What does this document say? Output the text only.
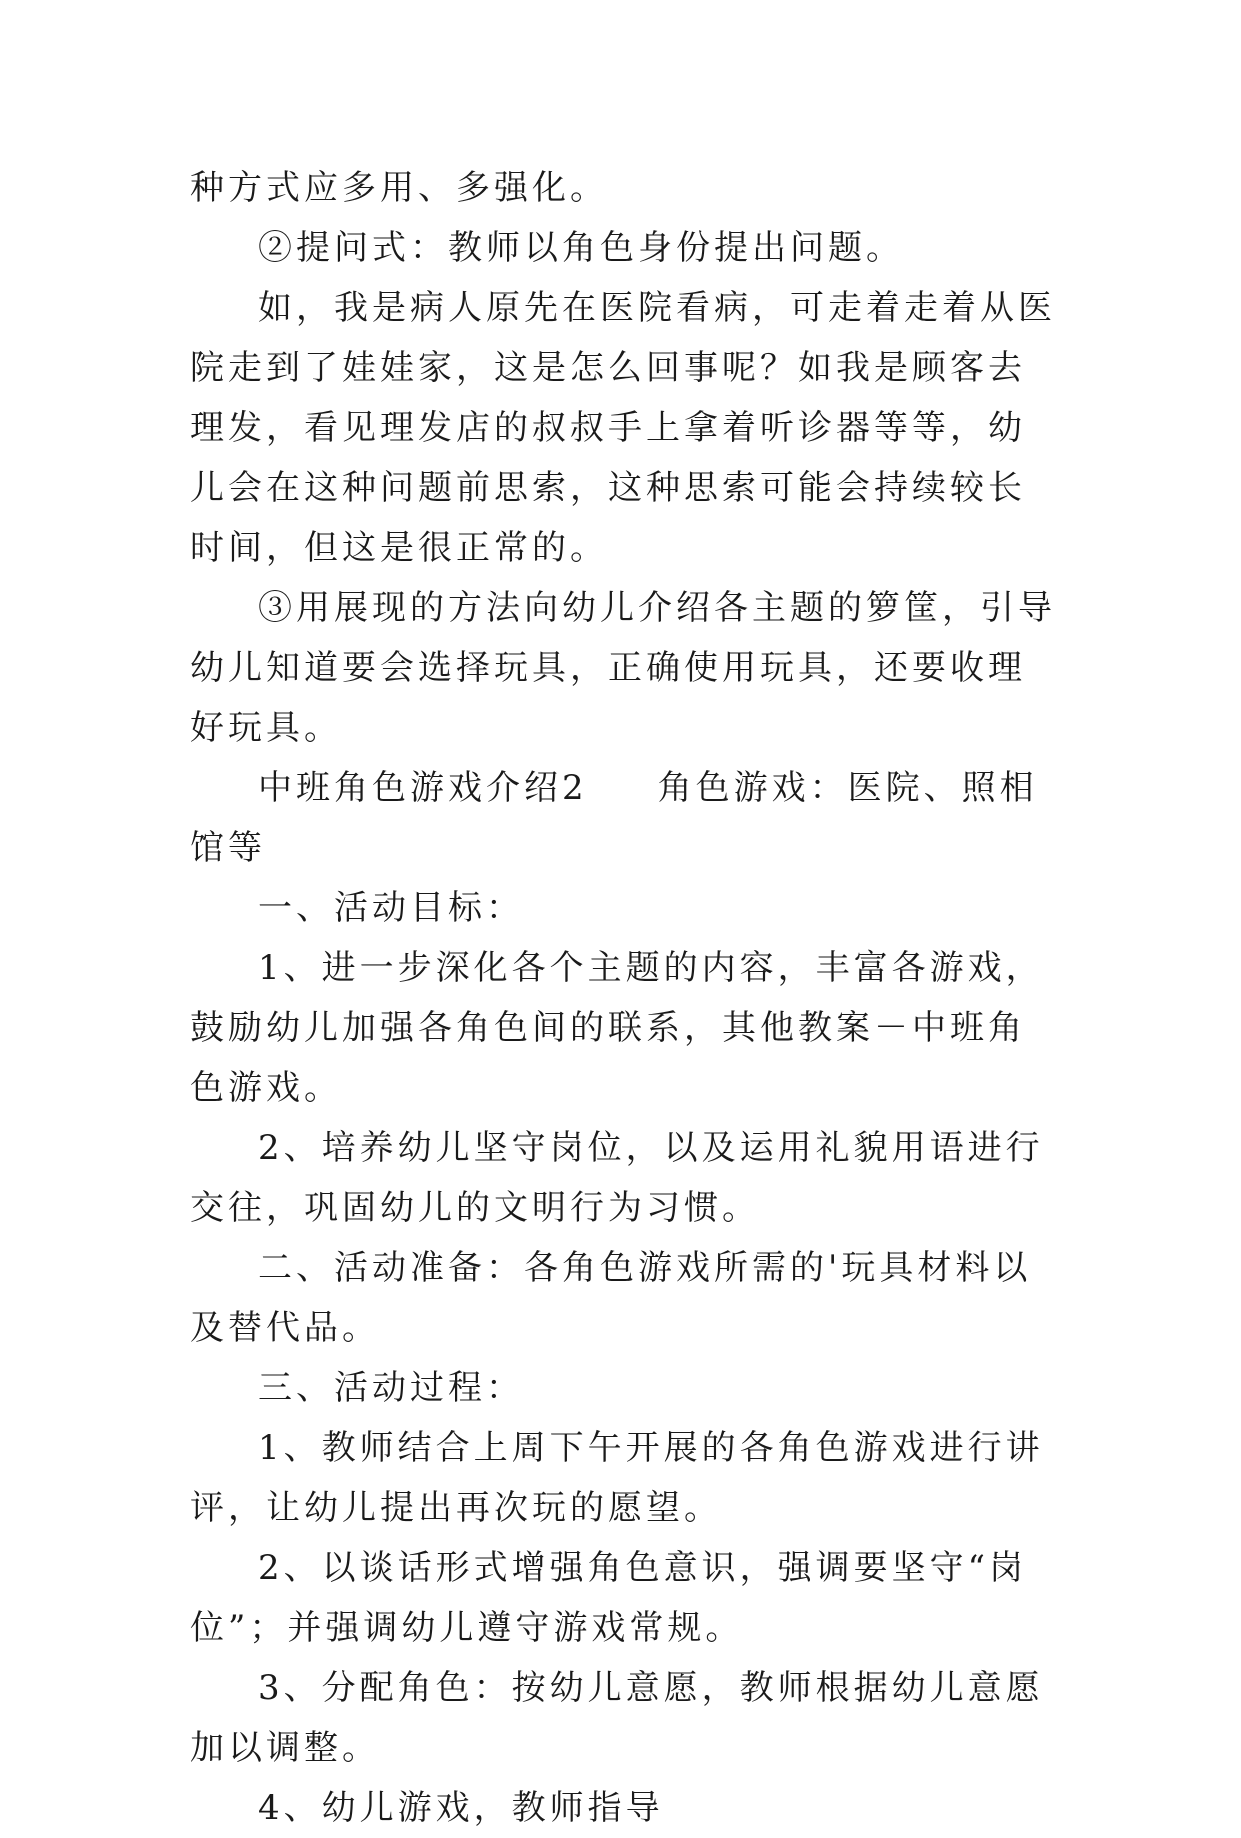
种方式应多用、多强化。

②提问式：教师以角色身份提出问题。

如，我是病人原先在医院看病，可走着走着从医院走到了娃娃家，这是怎么回事呢？如我是顾客去理发，看见理发店的叔叔手上拿着听诊器等等，幼儿会在这种问题前思索，这种思索可能会持续较长时间，但这是很正常的。

③用展现的方法向幼儿介绍各主题的箩筐，引导幼儿知道要会选择玩具，正确使用玩具，还要收理好玩具。

中班角色游戏介绍2 角色游戏：医院、照相馆等

一、活动目标：

1、进一步深化各个主题的内容，丰富各游戏，鼓励幼儿加强各角色间的联系，其他教案－中班角色游戏。

2、培养幼儿坚守岗位，以及运用礼貌用语进行交往，巩固幼儿的文明行为习惯。

二、活动准备：各角色游戏所需的'玩具材料以及替代品。

三、活动过程：

1、教师结合上周下午开展的各角色游戏进行讲评，让幼儿提出再次玩的愿望。

2、以谈话形式增强角色意识，强调要坚守“岗位”；并强调幼儿遵守游戏常规。

3、分配角色：按幼儿意愿，教师根据幼儿意愿加以调整。

4、幼儿游戏，教师指导
